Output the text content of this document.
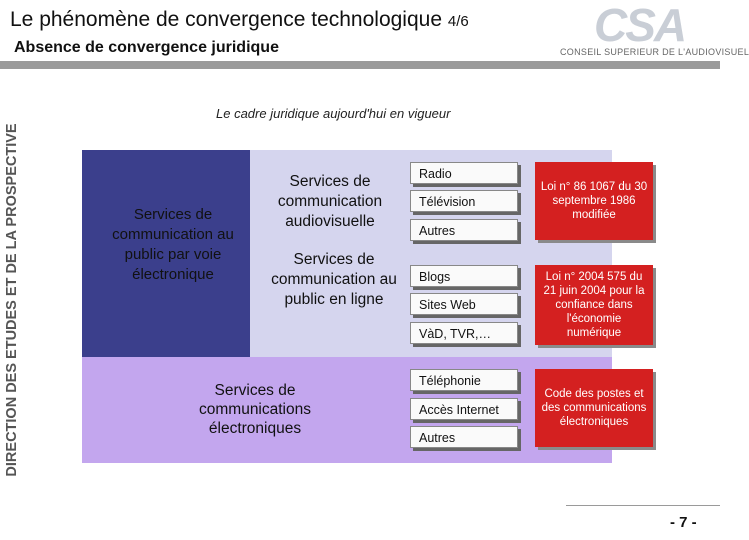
Le phénomène de convergence technologique 4/6
Absence de convergence juridique	CSA
CONSEIL SUPERIEUR DE L'AUDIOVISUEL
DIRECTION DES ETUDES ET DE LA PROSPECTIVE
Le cadre juridique aujourd'hui en vigueur
Services de communication au public par voie électronique
Services de communication audiovisuelle
Services de communication au public en ligne
Services de communications électroniques
Radio
Télévision
Autres
Blogs
Sites Web
VàD, TVR,…
Téléphonie
Accès Internet
Autres
Loi n° 86 1067 du 30 septembre 1986 modifiée
Loi n° 2004 575 du 21 juin 2004 pour la confiance dans l'économie numérique
Code des postes et des communications électroniques
- 7 -
